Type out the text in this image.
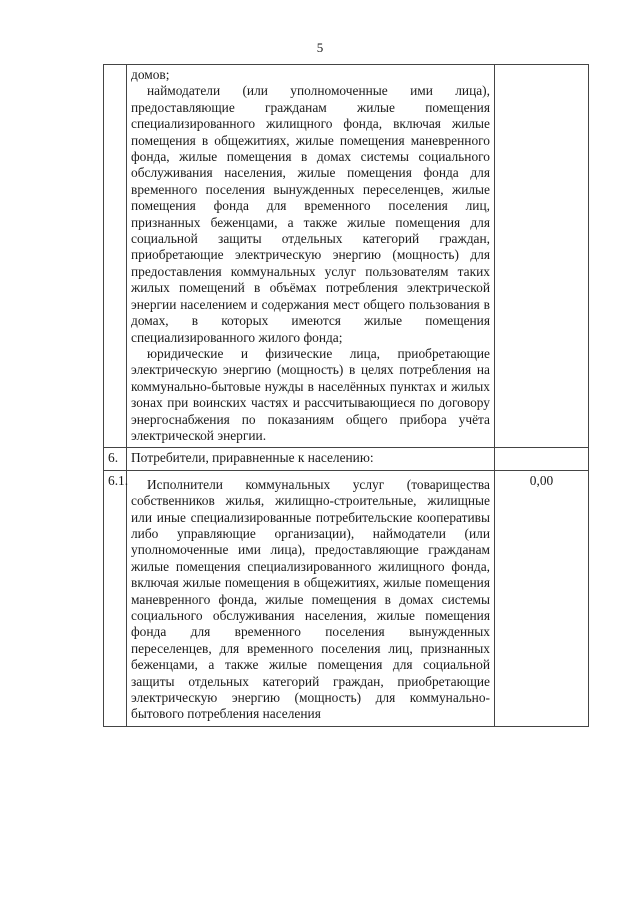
5

	домов;

наймодатели (или уполномоченные ими лица), предоставляющие гражданам жилые помещения специализированного жилищного фонда, включая жилые помещения в общежитиях, жилые помещения маневренного фонда, жилые помещения в домах системы социального обслуживания населения, жилые помещения фонда для временного поселения вынужденных переселенцев, жилые помещения фонда для временного поселения лиц, признанных беженцами, а также жилые помещения для социальной защиты отдельных категорий граждан, приобретающие электрическую энергию (мощность) для предоставления коммунальных услуг пользователям таких жилых помещений в объёмах потребления электрической энергии населением и содержания мест общего пользования в домах, в которых имеются жилые помещения специализированного жилого фонда;

юридические и физические лица, приобретающие электрическую энергию (мощность) в целях потребления на коммунально-бытовые нужды в населённых пунктах и жилых зонах при воинских частях и рассчитывающиеся по договору энергоснабжения по показаниям общего прибора учёта электрической энергии.	

6.	Потребители, приравненные к населению:	

6.1.	Исполнители коммунальных услуг (товарищества собственников жилья, жилищно-строительные, жилищные или иные специализированные потребительские кооперативы либо управляющие организации), наймодатели (или уполномоченные ими лица), предоставляющие гражданам жилые помещения специализированного жилищного фонда, включая жилые помещения в общежитиях, жилые помещения маневренного фонда, жилые помещения в домах системы социального обслуживания населения, жилые помещения фонда для временного поселения вынужденных переселенцев, для временного поселения лиц, признанных беженцами, а также жилые помещения для социальной защиты отдельных категорий граждан, приобретающие электрическую энергию (мощность) для коммунально-бытового потребления населения	0,00
